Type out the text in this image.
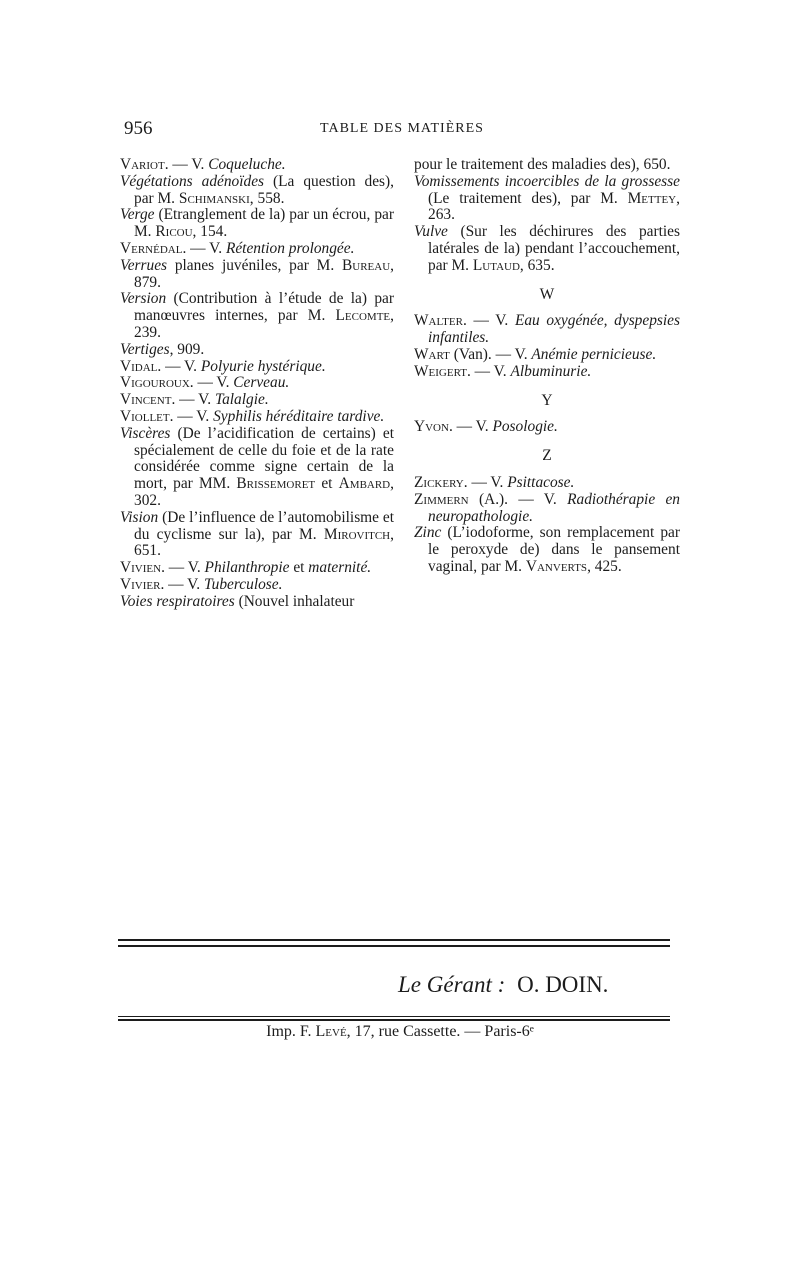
956	TABLE DES MATIÈRES
Variot. — V. Coqueluche.
Végétations adénoïdes (La question des), par M. Schimanski, 558.
Verge (Etranglement de la) par un écrou, par M. Ricou, 154.
Vernédal. — V. Rétention prolongée.
Verrues planes juvéniles, par M. Bureau, 879.
Version (Contribution à l’étude de la) par manœuvres internes, par M. Lecomte, 239.
Vertiges, 909.
Vidal. — V. Polyurie hystérique.
Vigouroux. — V. Cerveau.
Vincent. — V. Talalgie.
Viollet. — V. Syphilis héréditaire tardive.
Viscères (De l’acidification de certains) et spécialement de celle du foie et de la rate considérée comme signe certain de la mort, par MM. Brissemoret et Ambard, 302.
Vision (De l’influence de l’automobilisme et du cyclisme sur la), par M. Mirovitch, 651.
Vivien. — V. Philanthropie et maternité.
Vivier. — V. Tuberculose.
Voies respiratoires (Nouvel inhalateur
pour le traitement des maladies des), 650.
Vomissements incoercibles de la grossesse (Le traitement des), par M. Mettey, 263.
Vulve (Sur les déchirures des parties latérales de la) pendant l’accouchement, par M. Lutaud, 635.
W
Walter. — V. Eau oxygénée, dyspepsies infantiles.
Wart (Van). — V. Anémie pernicieuse.
Weigert. — V. Albuminurie.
Y
Yvon. — V. Posologie.
Z
Zickery. — V. Psittacose.
Zimmern (A.). — V. Radiothérapie en neuropathologie.
Zinc (L’iodoforme, son remplacement par le peroxyde de) dans le pansement vaginal, par M. Vanverts, 425.
Le Gérant : O. DOIN.
Imp. F. Levé, 17, rue Cassette. — Paris-6ᵉ
